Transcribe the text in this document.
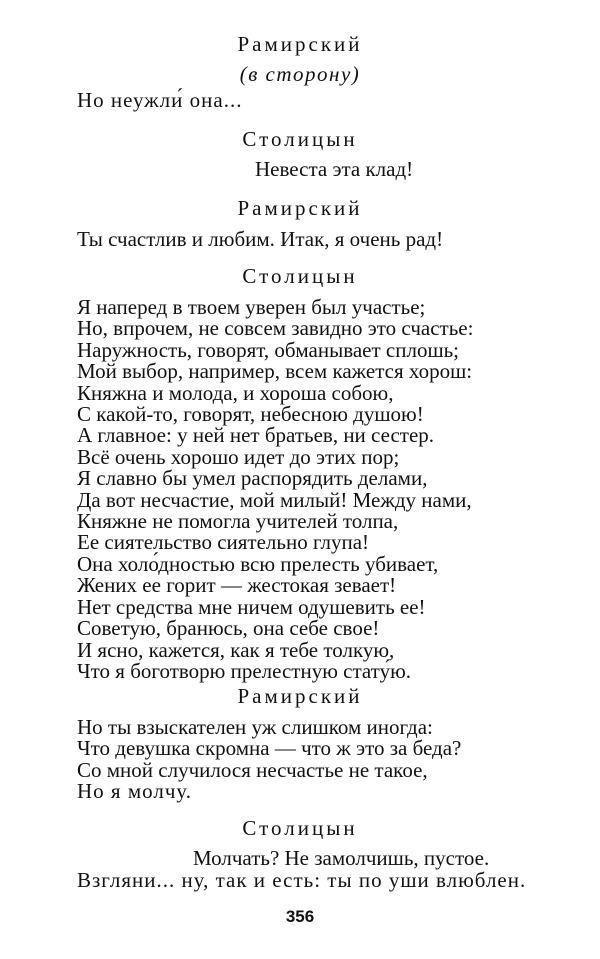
Рамирский
(в сторону)
Но неужли́ она...
Столицын
Невеста эта клад!
Рамирский
Ты счастлив и любим. Итак, я очень рад!
Столицын
Я наперед в твоем уверен был участье;
Но, впрочем, не совсем завидно это счастье:
Наружность, говорят, обманывает сплошь;
Мой выбор, например, всем кажется хорош:
Княжна и молода, и хороша собою,
С какой-то, говорят, небесною душою!
А главное: у ней нет братьев, ни сестер.
Всё очень хорошо идет до этих пор;
Я славно бы умел распорядить делами,
Да вот несчастие, мой милый! Между нами,
Княжне не помогла учителей толпа,
Ее сиятельство сиятельно глупа!
Она холо́дностью всю прелесть убивает,
Жених ее горит — жестокая зевает!
Нет средства мне ничем одушевить ее!
Советую, бранюсь, она себе свое!
И ясно, кажется, как я тебе толкую,
Что я боготворю прелестную стату́ю.
Рамирский
Но ты взыскателен уж слишком иногда:
Что девушка скромна — что ж это за беда?
Со мной случилося несчастье не такое,
Но я молчу.
Столицын
Молчать? Не замолчишь, пустое.
Взгляни... ну, так и есть: ты по уши влюблен.
356
